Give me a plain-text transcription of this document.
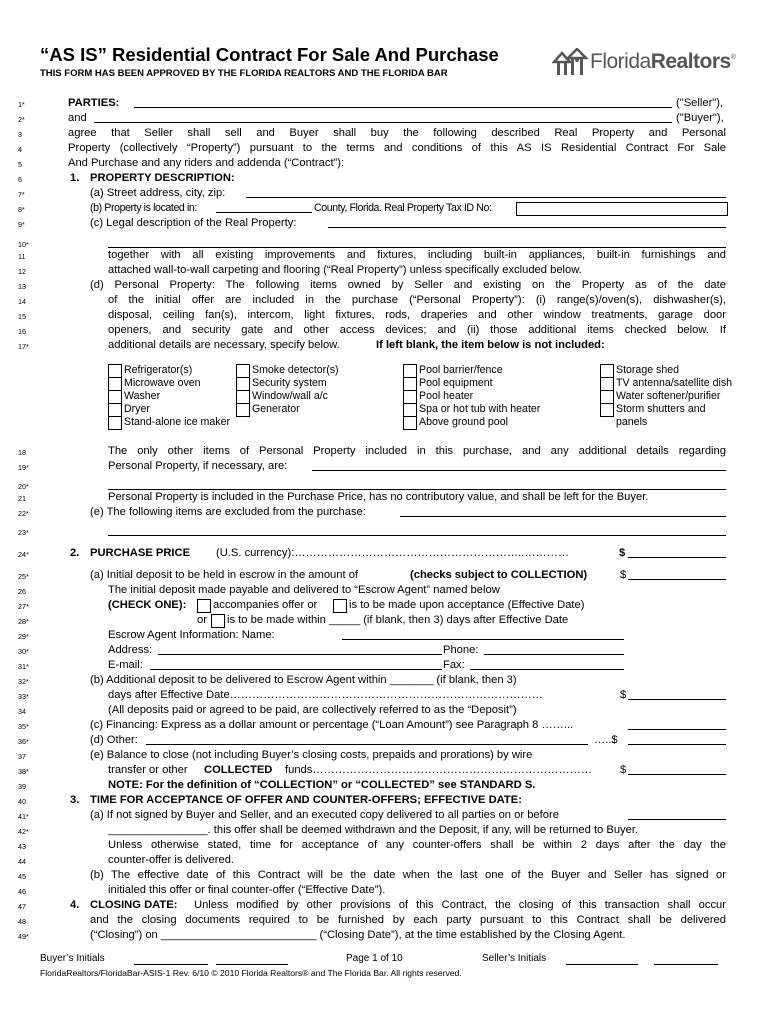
“AS IS” Residential Contract For Sale And Purchase
THIS FORM HAS BEEN APPROVED BY THE FLORIDA REALTORS AND THE FLORIDA BAR
FloridaRealtors ®
1*	PARTIES:	("Seller"),
2*	and	("Buyer"),
3	agree that Seller shall sell and Buyer shall buy the following described Real Property and Personal
4	Property (collectively “Property”) pursuant to the terms and conditions of this AS IS Residential Contract For Sale
5	And Purchase and any riders and addenda (“Contract”):
6	1. PROPERTY DESCRIPTION:
7*	(a) Street address, city, zip:
8*	(b) Property is located in:	County, Florida. Real Property Tax ID No:
9*	(c) Legal description of the Real Property:
10*
11	together with all existing improvements and fixtures, including built-in appliances, built-in furnishings and
12	attached wall-to-wall carpeting and flooring (“Real Property”) unless specifically excluded below.
13	(d) Personal Property: The following items owned by Seller and existing on the Property as of the date
14	of the initial offer are included in the purchase (“Personal Property”): (i) range(s)/oven(s), dishwasher(s),
15	disposal, ceiling fan(s), intercom, light fixtures, rods, draperies and other window treatments, garage door
16	openers, and security gate and other access devices; and (ii) those additional items checked below. If
17*	additional details are necessary, specify below.	If left blank, the item below is not included:
Refrigerator(s)
Microwave oven
Washer
Dryer
Stand-alone ice maker
Smoke detector(s)
Security system
Window/wall a/c
Generator
Pool barrier/fence
Pool equipment
Pool heater
Spa or hot tub with heater
Above ground pool
Storage shed
TV antenna/satellite dish
Water softener/purifier
Storm shutters and
panels
18	The only other items of Personal Property included in this purchase, and any additional details regarding
19*	Personal Property, if necessary, are:
20*
21	Personal Property is included in the Purchase Price, has no contributory value, and shall be left for the Buyer.
22*	(e) The following items are excluded from the purchase:
23*
24*	2. PURCHASE PRICE (U.S. currency):……………………………………………………..…………	$
25*	(a) Initial deposit to be held in escrow in the amount of	(checks subject to COLLECTION)	$
26	The initial deposit made payable and delivered to “Escrow Agent” named below
27*	(CHECK ONE): accompanies offer or	is to be made upon acceptance (Effective Date)
28*	or is to be made within _____ (if blank, then 3) days after Effective Date
29*	Escrow Agent Information: Name:
30*	Address:	Phone:
31*	E-mail:	Fax:
32*	(b) Additional deposit to be delivered to Escrow Agent within _______ (if blank, then 3)
33*	days after Effective Date…………………………………………………………………………	$
34	(All deposits paid or agreed to be paid, are collectively referred to as the “Deposit”)
35*	(c) Financing: Express as a dollar amount or percentage (“Loan Amount”) see Paragraph 8 ……...
36*	(d) Other:	…..$
37	(e) Balance to close (not including Buyer’s closing costs, prepaids and prorations) by wire
38*	transfer or other COLLECTED funds………………………………………………………………… $
39	NOTE: For the definition of “COLLECTION” or “COLLECTED” see STANDARD S.
40	3. TIME FOR ACCEPTANCE OF OFFER AND COUNTER-OFFERS; EFFECTIVE DATE:
41*	(a) If not signed by Buyer and Seller, and an executed copy delivered to all parties on or before
42*	________________. this offer shall be deemed withdrawn and the Deposit, if any, will be returned to Buyer.
43	Unless otherwise stated, time for acceptance of any counter-offers shall be within 2 days after the day the
44	counter-offer is delivered.
45	(b) The effective date of this Contract will be the date when the last one of the Buyer and Seller has signed or
46	initialed this offer or final counter-offer (“Effective Date”).
47	4. CLOSING DATE: Unless modified by other provisions of this Contract, the closing of this transaction shall occur
48	and the closing documents required to be furnished by each party pursuant to this Contract shall be delivered
49*	(“Closing”) on _________________________ (“Closing Date”), at the time established by the Closing Agent.
Buyer’s Initials	Page 1 of 10	Seller’s Initials
FloridaRealtors/FloridaBar-ASIS-1 Rev. 6/10 © 2010 Florida Realtors® and The Florida Bar. All rights reserved.
